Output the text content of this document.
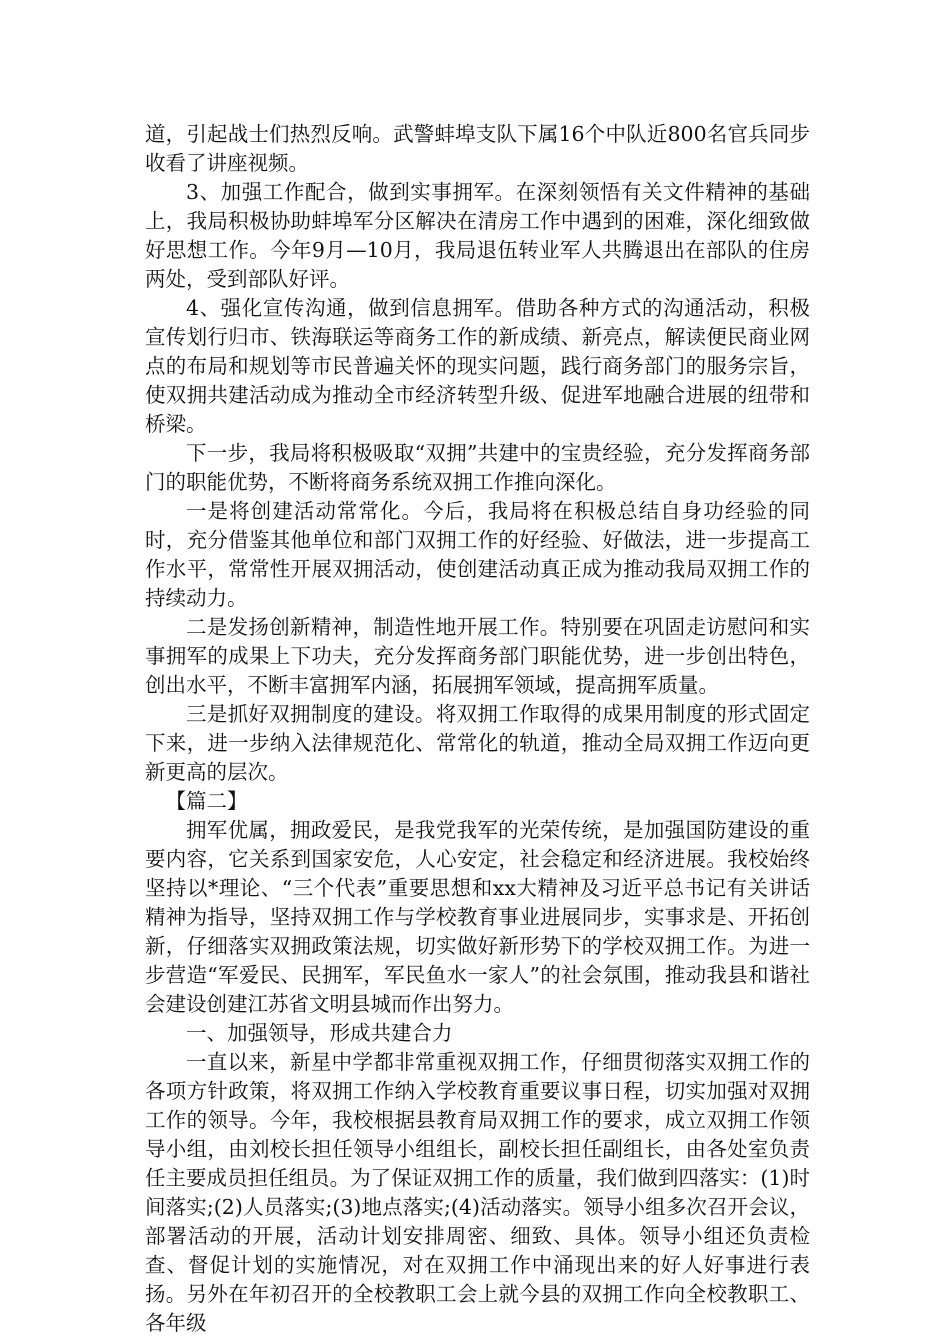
道，引起战士们热烈反响。武警蚌埠支队下属16个中队近800名官兵同步收看了讲座视频。

3、加强工作配合，做到实事拥军。在深刻领悟有关文件精神的基础上，我局积极协助蚌埠军分区解决在清房工作中遇到的困难，深化细致做好思想工作。今年9月—10月，我局退伍转业军人共腾退出在部队的住房两处，受到部队好评。

4、强化宣传沟通，做到信息拥军。借助各种方式的沟通活动，积极宣传划行归市、铁海联运等商务工作的新成绩、新亮点，解读便民商业网点的布局和规划等市民普遍关怀的现实问题，践行商务部门的服务宗旨，使双拥共建活动成为推动全市经济转型升级、促进军地融合进展的纽带和桥梁。

下一步，我局将积极吸取“双拥”共建中的宝贵经验，充分发挥商务部门的职能优势，不断将商务系统双拥工作推向深化。

一是将创建活动常常化。今后，我局将在积极总结自身功经验的同时，充分借鉴其他单位和部门双拥工作的好经验、好做法，进一步提高工作水平，常常性开展双拥活动，使创建活动真正成为推动我局双拥工作的持续动力。

二是发扬创新精神，制造性地开展工作。特别要在巩固走访慰问和实事拥军的成果上下功夫，充分发挥商务部门职能优势，进一步创出特色，创出水平，不断丰富拥军内涵，拓展拥军领域，提高拥军质量。

三是抓好双拥制度的建设。将双拥工作取得的成果用制度的形式固定下来，进一步纳入法律规范化、常常化的轨道，推动全局双拥工作迈向更新更高的层次。

【篇二】

拥军优属，拥政爱民，是我党我军的光荣传统，是加强国防建设的重要内容，它关系到国家安危，人心安定，社会稳定和经济进展。我校始终坚持以*理论、“三个代表”重要思想和xx大精神及习近平总书记有关讲话精神为指导，坚持双拥工作与学校教育事业进展同步，实事求是、开拓创新，仔细落实双拥政策法规，切实做好新形势下的学校双拥工作。为进一步营造“军爱民、民拥军，军民鱼水一家人”的社会氛围，推动我县和谐社会建设创建江苏省文明县城而作出努力。

一、加强领导，形成共建合力

一直以来，新星中学都非常重视双拥工作，仔细贯彻落实双拥工作的各项方针政策，将双拥工作纳入学校教育重要议事日程，切实加强对双拥工作的领导。今年，我校根据县教育局双拥工作的要求，成立双拥工作领导小组，由刘校长担任领导小组组长，副校长担任副组长，由各处室负责任主要成员担任组员。为了保证双拥工作的质量，我们做到四落实：(1)时间落实;(2)人员落实;(3)地点落实;(4)活动落实。领导小组多次召开会议，部署活动的开展，活动计划安排周密、细致、具体。领导小组还负责检查、督促计划的实施情况，对在双拥工作中涌现出来的好人好事进行表扬。另外在年初召开的全校教职工会上就今县的双拥工作向全校教职工、各年级
